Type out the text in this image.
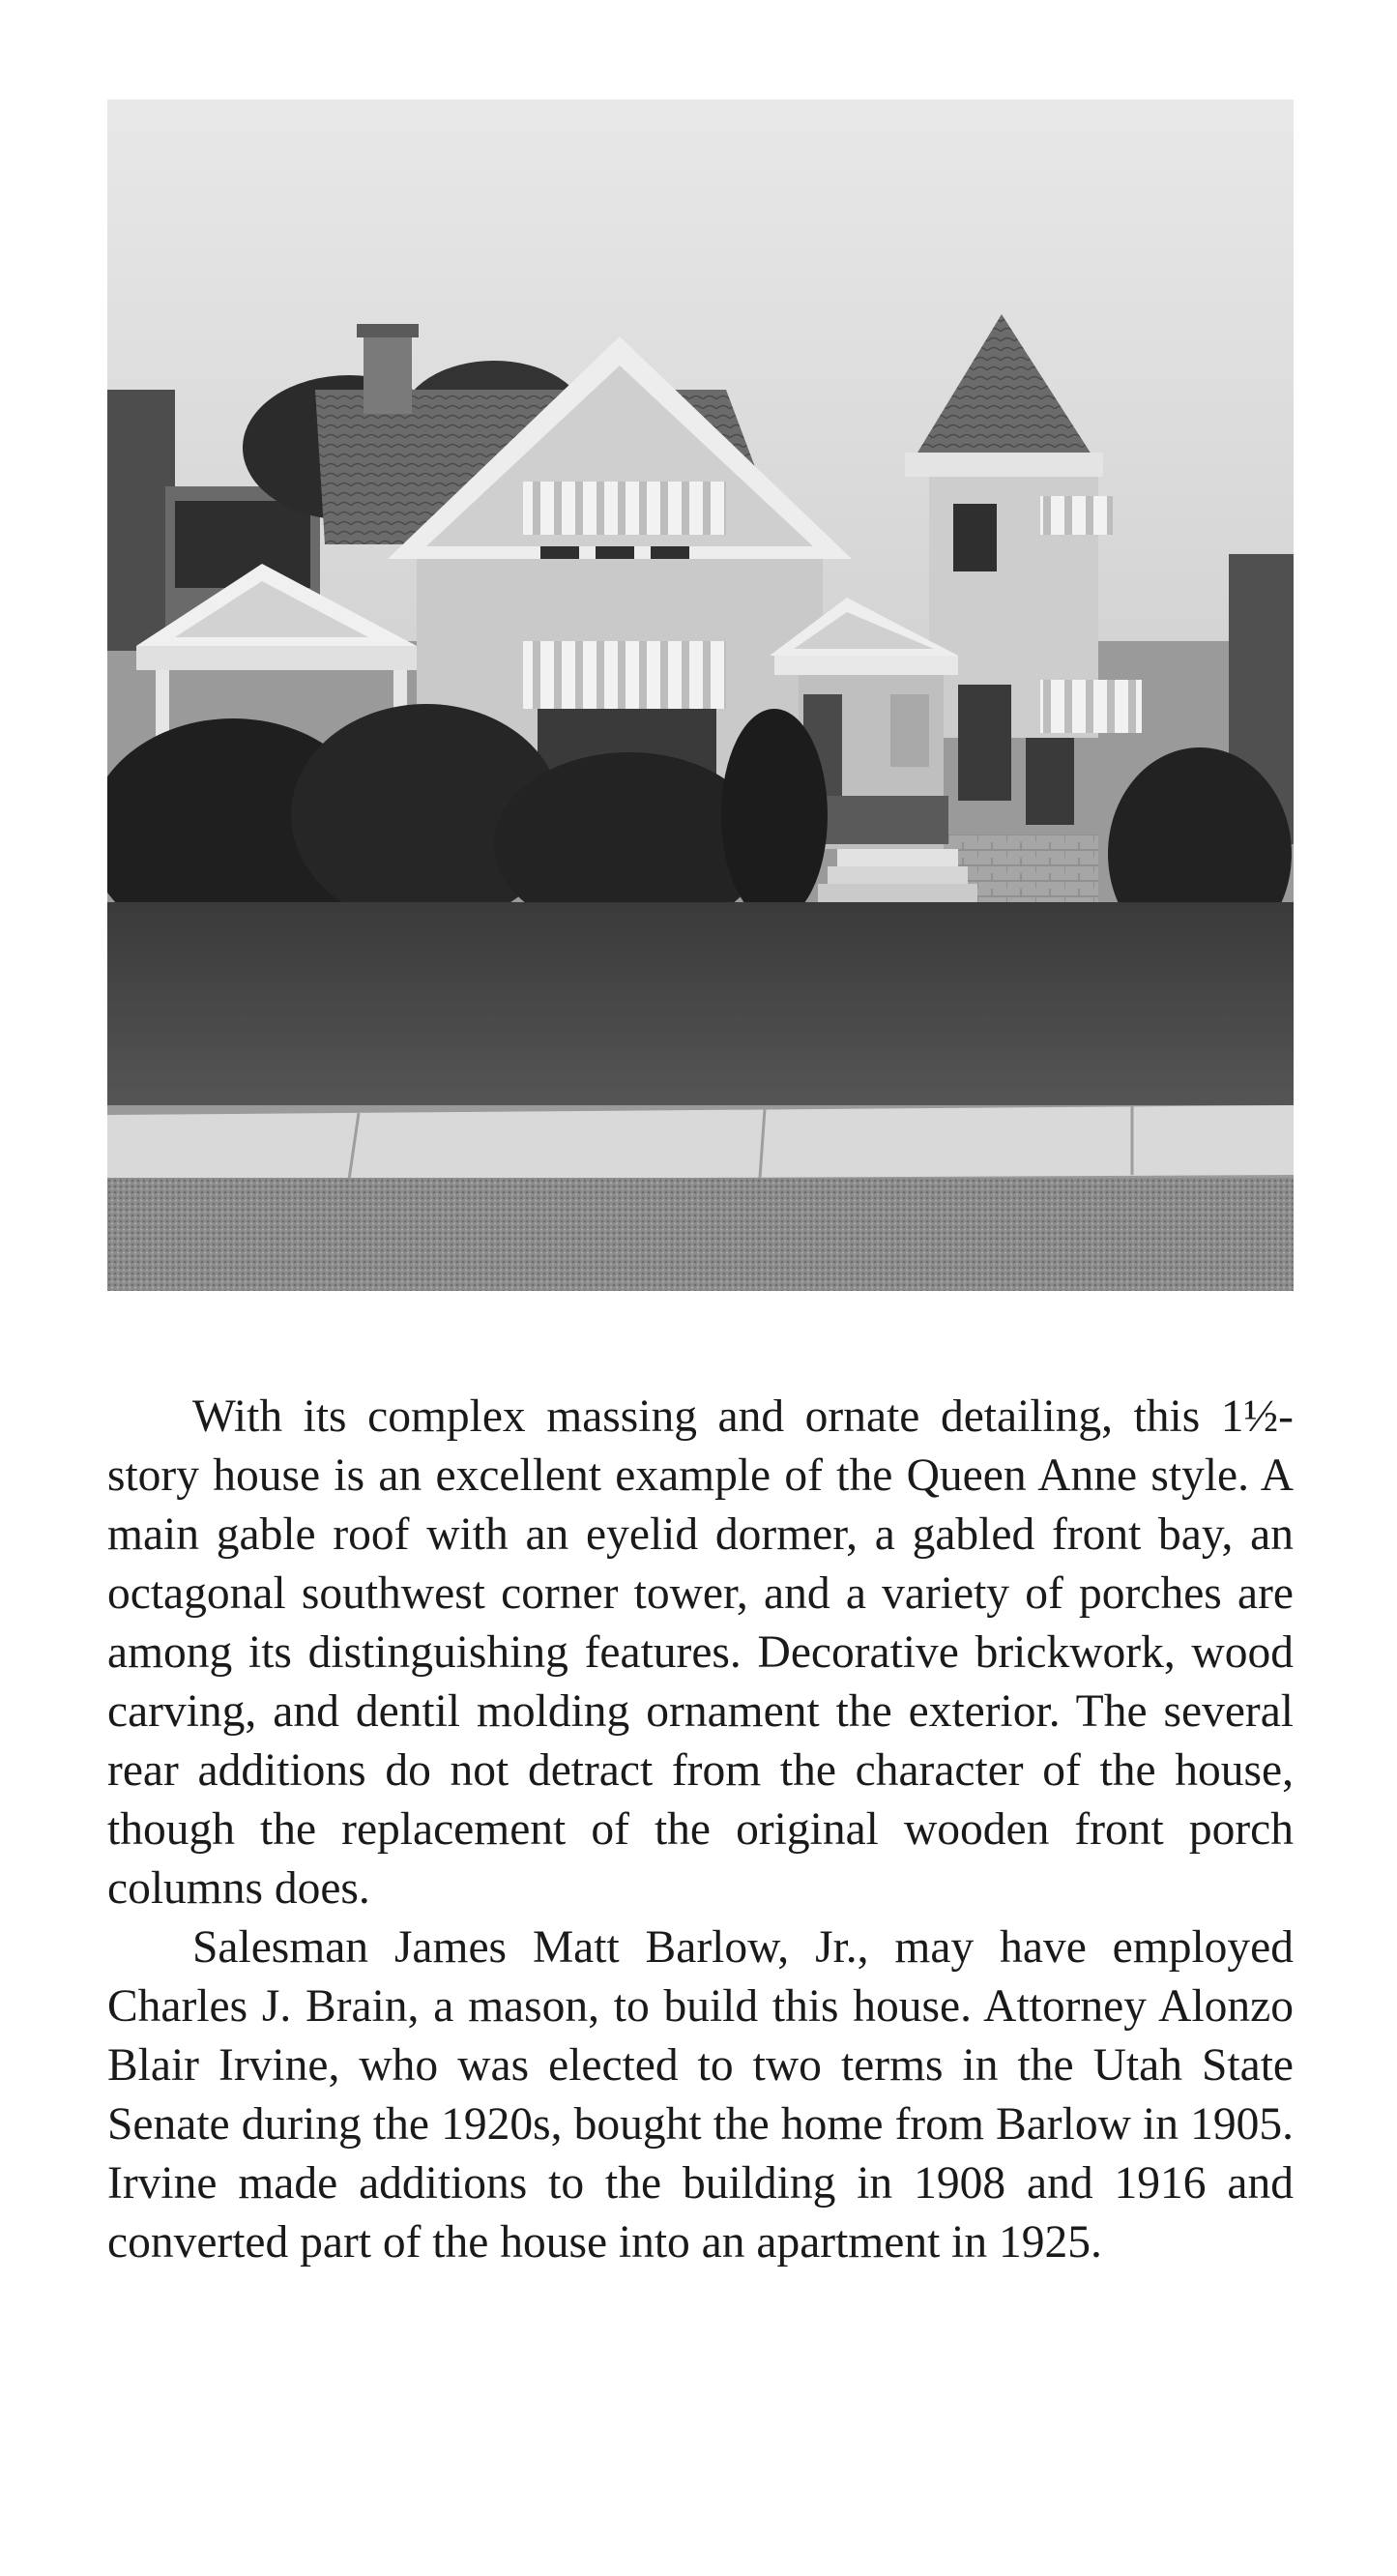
With its complex massing and ornate detailing, this 1½-story house is an excellent example of the Queen Anne style. A main gable roof with an eyelid dormer, a gabled front bay, an octagonal southwest corner tower, and a variety of porches are among its distinguishing features. Decorative brickwork, wood carving, and dentil molding ornament the exterior. The several rear additions do not detract from the character of the house, though the replacement of the original wooden front porch columns does.

Salesman James Matt Barlow, Jr., may have employed Charles J. Brain, a mason, to build this house. Attorney Alonzo Blair Irvine, who was elected to two terms in the Utah State Senate during the 1920s, bought the home from Barlow in 1905. Irvine made additions to the building in 1908 and 1916 and converted part of the house into an apartment in 1925.
